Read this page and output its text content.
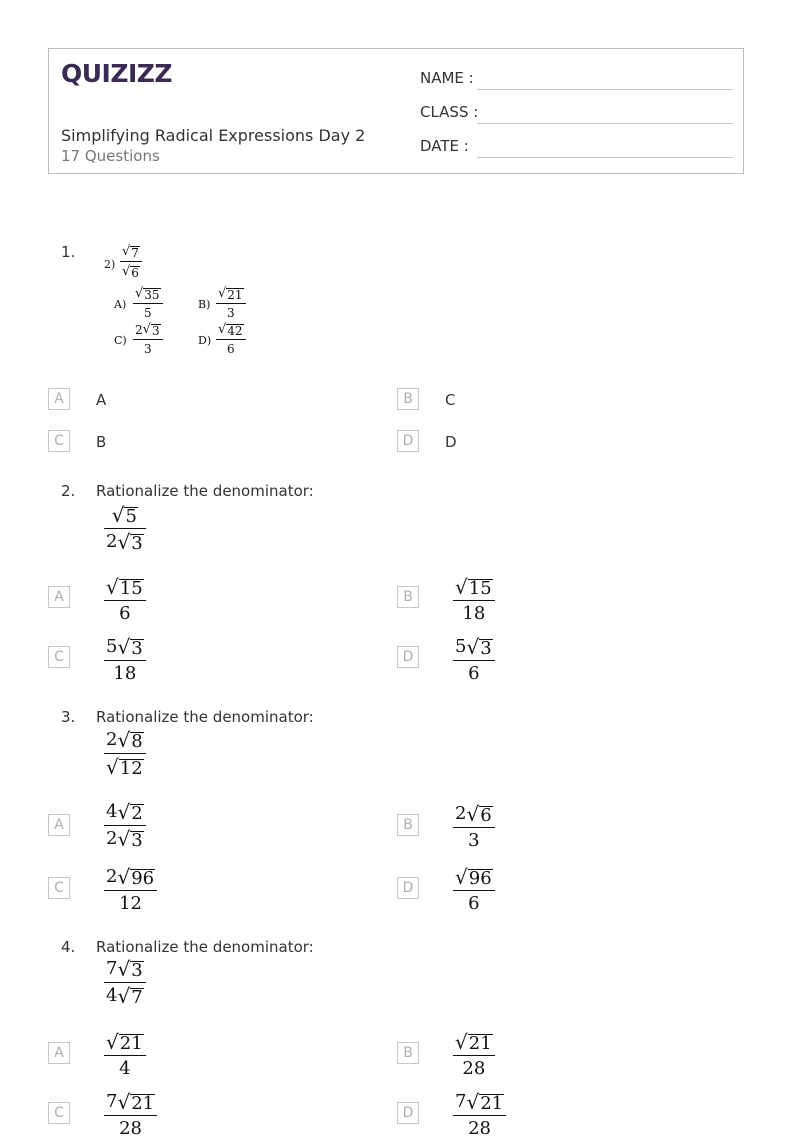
QUIZIZZ
Simplifying Radical Expressions Day 2
17 Questions
NAME :
CLASS :
DATE :
1.
2)
√ 7
√ 6
A)
√ 35
5
B)
√ 21
3
C)
2 √ 3
3
D)
√ 42
6
A	A	B	C
C	B	D	D
2. Rationalize the denominator:
√ 5
2 √ 3
A	√ 15
6
B	√ 15
18
C	5 √ 3
18
D	5 √ 3
6
3. Rationalize the denominator:
2 √ 8
√ 12
A
4 √ 2
2 √ 3
B
2 √ 6
3
C
2 √ 96
12
D √ 96
6
4. Rationalize the denominator:
7 √ 3
4 √ 7
A	√ 21
4
B	√ 21
28
C
7 √ 21
28
D
7 √ 21
28
